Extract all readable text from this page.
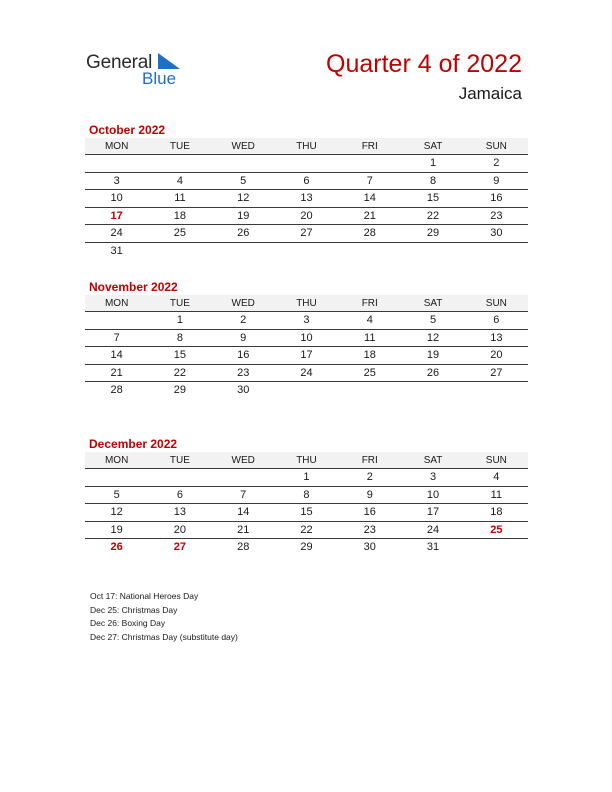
General
Blue
Quarter 4 of 2022
Jamaica
October 2022
MON	TUE	WED	THU	FRI	SAT	SUN
					1	2
3	4	5	6	7	8	9
10	11	12	13	14	15	16
17	18	19	20	21	22	23
24	25	26	27	28	29	30
31						
November 2022
MON	TUE	WED	THU	FRI	SAT	SUN
	1	2	3	4	5	6
7	8	9	10	11	12	13
14	15	16	17	18	19	20
21	22	23	24	25	26	27
28	29	30				
December 2022
MON	TUE	WED	THU	FRI	SAT	SUN
			1	2	3	4
5	6	7	8	9	10	11
12	13	14	15	16	17	18
19	20	21	22	23	24	25
26	27	28	29	30	31	
Oct 17: National Heroes Day
Dec 25: Christmas Day
Dec 26: Boxing Day
Dec 27: Christmas Day (substitute day)
